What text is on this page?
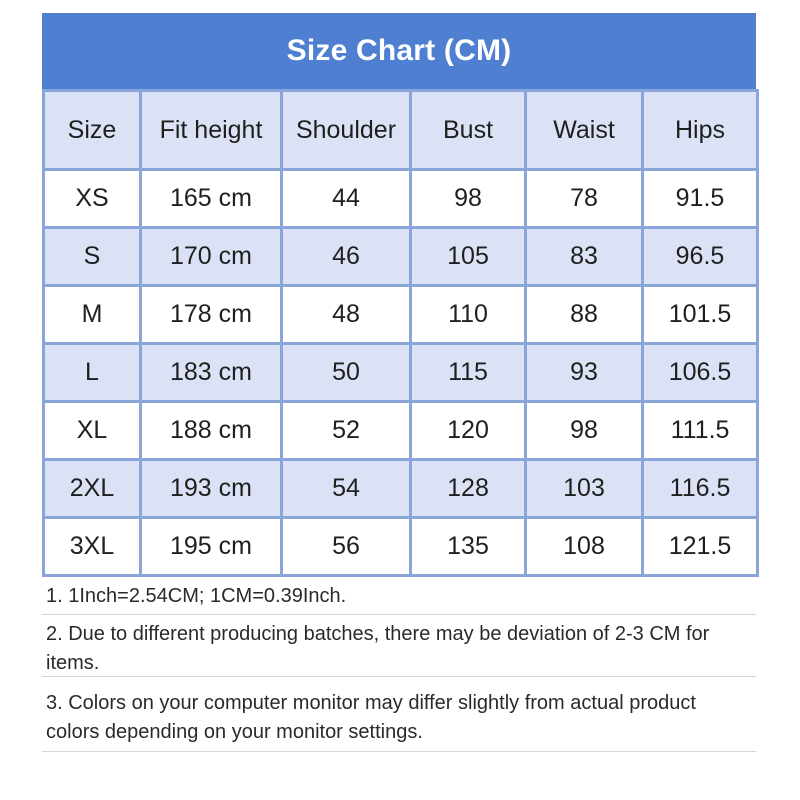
Size Chart (CM)
Size	Fit height	Shoulder	Bust	Waist	Hips
XS	165 cm	44	98	78	91.5
S	170 cm	46	105	83	96.5
M	178 cm	48	110	88	101.5
L	183 cm	50	115	93	106.5
XL	188 cm	52	120	98	111.5
2XL	193 cm	54	128	103	116.5
3XL	195 cm	56	135	108	121.5
1. 1Inch=2.54CM; 1CM=0.39Inch.
2. Due to different producing batches, there may be deviation of 2-3 CM for items.
3. Colors on your computer monitor may differ slightly from actual product colors depending on your monitor settings.
